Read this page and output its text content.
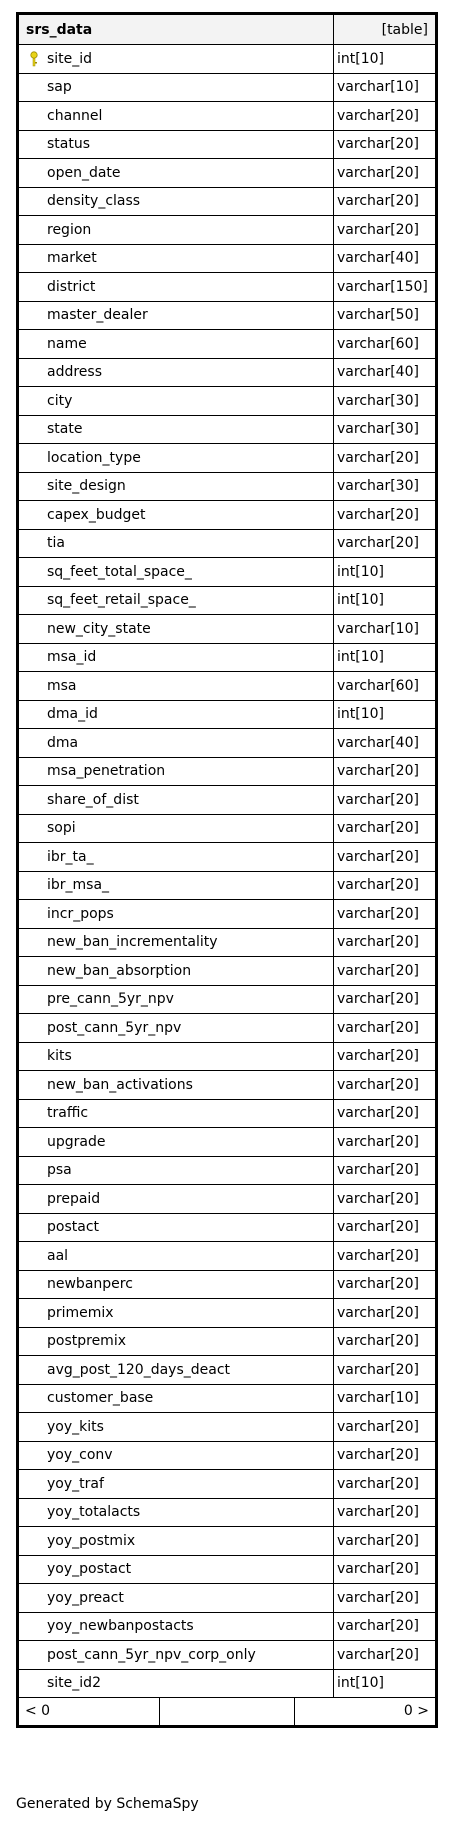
srs_data	[table]

site_id	int[10]
sap	varchar[10]
channel	varchar[20]
status	varchar[20]
open_date	varchar[20]
density_class	varchar[20]
region	varchar[20]
market	varchar[40]
district	varchar[150]
master_dealer	varchar[50]
name	varchar[60]
address	varchar[40]
city	varchar[30]
state	varchar[30]
location_type	varchar[20]
site_design	varchar[30]
capex_budget	varchar[20]
tia	varchar[20]
sq_feet_total_space_	int[10]
sq_feet_retail_space_	int[10]
new_city_state	varchar[10]
msa_id	int[10]
msa	varchar[60]
dma_id	int[10]
dma	varchar[40]
msa_penetration	varchar[20]
share_of_dist	varchar[20]
sopi	varchar[20]
ibr_ta_	varchar[20]
ibr_msa_	varchar[20]
incr_pops	varchar[20]
new_ban_incrementality	varchar[20]
new_ban_absorption	varchar[20]
pre_cann_5yr_npv	varchar[20]
post_cann_5yr_npv	varchar[20]
kits	varchar[20]
new_ban_activations	varchar[20]
traffic	varchar[20]
upgrade	varchar[20]
psa	varchar[20]
prepaid	varchar[20]
postact	varchar[20]
aal	varchar[20]
newbanperc	varchar[20]
primemix	varchar[20]
postpremix	varchar[20]
avg_post_120_days_deact	varchar[20]
customer_base	varchar[10]
yoy_kits	varchar[20]
yoy_conv	varchar[20]
yoy_traf	varchar[20]
yoy_totalacts	varchar[20]
yoy_postmix	varchar[20]
yoy_postact	varchar[20]
yoy_preact	varchar[20]
yoy_newbanpostacts	varchar[20]
post_cann_5yr_npv_corp_only	varchar[20]
site_id2	int[10]

< 0 0 >	
Generated by SchemaSpy
